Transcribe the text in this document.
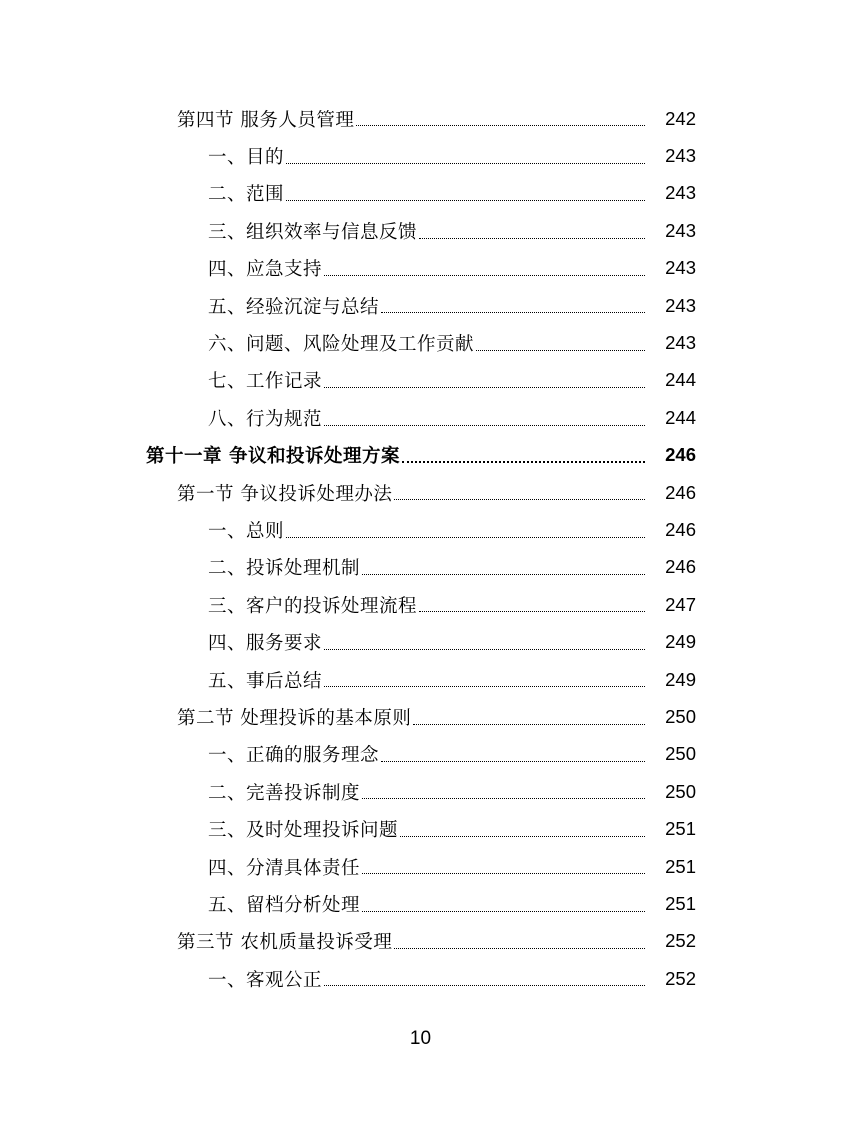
第四节 服务人员管理	242
一、目的	243
二、范围	243
三、组织效率与信息反馈	243
四、应急支持	243
五、经验沉淀与总结	243
六、问题、风险处理及工作贡献	243
七、工作记录	244
八、行为规范	244
第十一章 争议和投诉处理方案	246
第一节 争议投诉处理办法	246
一、总则	246
二、投诉处理机制	246
三、客户的投诉处理流程	247
四、服务要求	249
五、事后总结	249
第二节 处理投诉的基本原则	250
一、正确的服务理念	250
二、完善投诉制度	250
三、及时处理投诉问题	251
四、分清具体责任	251
五、留档分析处理	251
第三节 农机质量投诉受理	252
一、客观公正	252
10
